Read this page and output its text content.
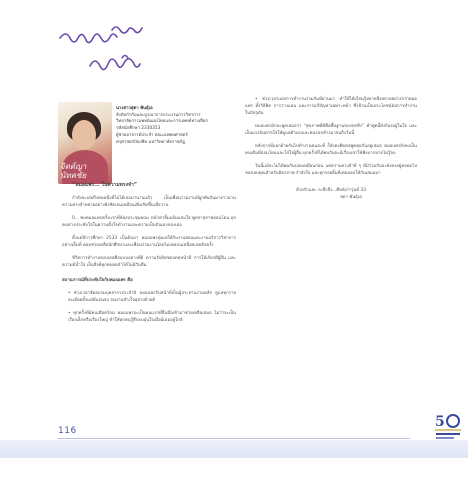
จิตต์ญา
นัทคชัย
นางสาวสุดา พันธุ์เอ
สังกัดกำกับและบูรณาการกระบวนการวิชาการ
วิทยาลัยการแพทย์แผนไทยและการแพทย์ทางเลือก
รหัสนักศึกษา 2330353
ผู้ช่วยอาจารย์ประจำ คณะแพทยศาสตร์
ครุศาสตร์บัณฑิต มหาวิทยาลัยราชภัฏ

“หมอแพร... ในความทรงจำ”

กำลังจะเอ่ยถึงคนหนึ่งที่ไม่ได้เจอมานานแล้ว เป็นเพื่อนร่วมงานที่ผูกพันกันมายาวนาน ความทรงจำหลายอย่างยังชัดเจนเหมือนเพิ่งเกิดขึ้นเมื่อวาน

ปี... พบหมอแพรครั้งแรกที่ห้องประชุมคณะ หน้าตายิ้มแย้มแจ่มใส พูดจาสุภาพอ่อนโยน ทุกคนต่างประทับใจในความตั้งใจทำงานและความเป็นกันเองของเธอ

ตั้งแต่ปีการศึกษา 2533 เป็นต้นมา หมอแพรทุ่มเทให้กับงานสอนและงานบริการวิชาการอย่างเต็มที่ คอยช่วยเหลือนักศึกษาและเพื่อนร่วมงานโดยไม่เคยบ่นเหนื่อยเลยสักครั้ง

ชีวิตการทำงานของเธอคือแบบอย่างที่ดี ความรับผิดชอบต่อหน้าที่ การให้เกียรติผู้อื่น และความมีน้ำใจ เป็นสิ่งที่ทุกคนจดจำได้ไม่มีวันลืม

สถานการณ์ที่ประทับใจกับหมอแพร คือ

• ช่วงเวลาจัดอบรมบุคลากรประจำปี หมอแพรรับหน้าที่เป็นผู้ประสานงานหลัก ดูแลทุกรายละเอียดตั้งแต่ต้นจนจบ จนงานสำเร็จลุล่วงด้วยดี

• ทุกครั้งที่มีคนเดือดร้อน หมอแพรจะเป็นคนแรกที่ยื่นมือเข้ามาช่วยเหลือเสมอ ไม่ว่าจะเป็นเรื่องเล็กหรือเรื่องใหญ่ ทำให้ทุกคนรู้สึกอบอุ่นใจเมื่อมีเธออยู่ใกล้

• ช่วงเวลาแห่งการทำงานร่วมกันที่ผ่านมา ทำให้ได้เรียนรู้หลายสิ่งหลายอย่างจากหมอแพร ทั้งวิธีคิด การวางแผน และการแก้ปัญหาเฉพาะหน้า ซึ่งล้วนเป็นประโยชน์ต่อการทำงานในปัจจุบัน

หมอแพรมักจะพูดเสมอว่า “สุขภาพที่ดีคือพื้นฐานของทุกสิ่ง” คำพูดนี้ยังก้องอยู่ในใจ และเป็นแรงบันดาลใจให้ดูแลตัวเองและคนรอบข้างมาจนถึงวันนี้

หลังจากที่แยกย้ายกันไปทำงานคนละที่ ก็ยังคงติดต่อพูดคุยกันอยู่เสมอ หมอแพรยังคงเป็นคนเดิมที่อ่อนโยนและใส่ใจผู้อื่น ทุกครั้งที่ได้พบกันจะมีเรื่องเล่าให้ฟังมากมายไม่รู้จบ

วันนี้แม้จะไม่ได้พบกันบ่อยเหมือนก่อน แต่ความทรงจำดี ๆ ที่มีร่วมกันจะยังคงอยู่ตลอดไป ขอขอบคุณสำหรับมิตรภาพ กำลังใจ และทุกรอยยิ้มที่เคยมอบให้กันเสมอมา

ด้วยรักและ ระลึกถึง...ศิษย์เก่ารุ่นที่ 33

สุดา พันธุ์เอ

116
5
